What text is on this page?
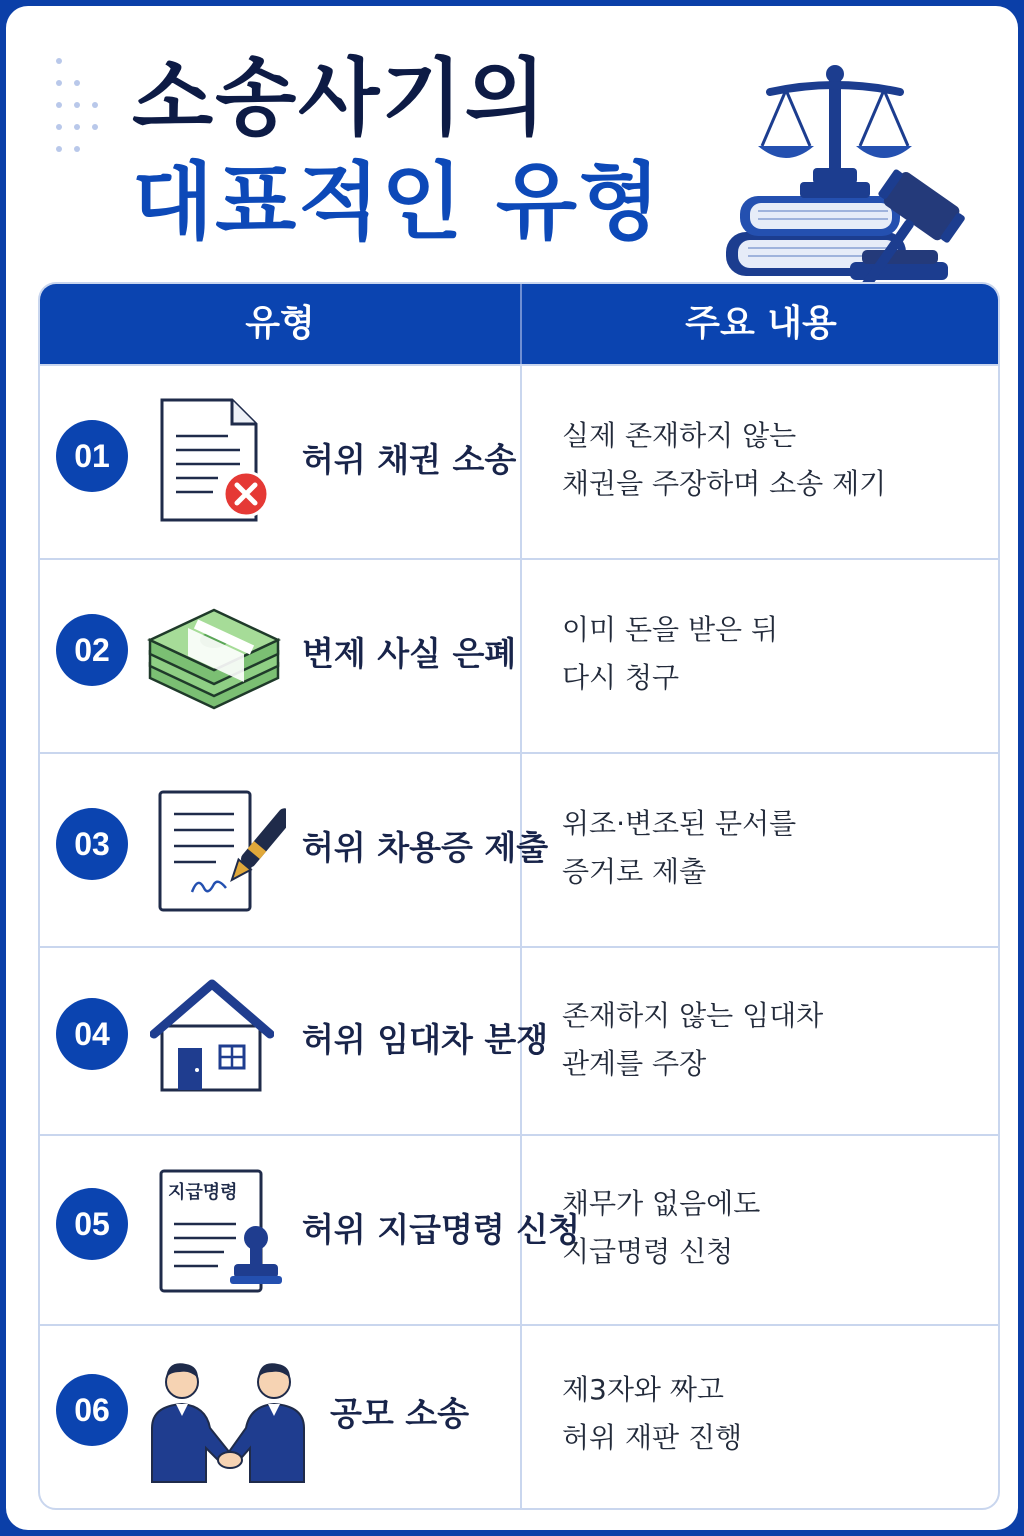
소송사기의
대표적인 유형
유형	주요 내용
01	허위 채권 소송
실제 존재하지 않는
채권을 주장하며 소송 제기
02	변제 사실 은폐
이미 돈을 받은 뒤
다시 청구
03	허위 차용증 제출
위조·변조된 문서를
증거로 제출
04	허위 임대차 분쟁
존재하지 않는 임대차
관계를 주장
05
지급명령
허위 지급명령 신청
채무가 없음에도
지급명령 신청
06	공모 소송
제3자와 짜고
허위 재판 진행
